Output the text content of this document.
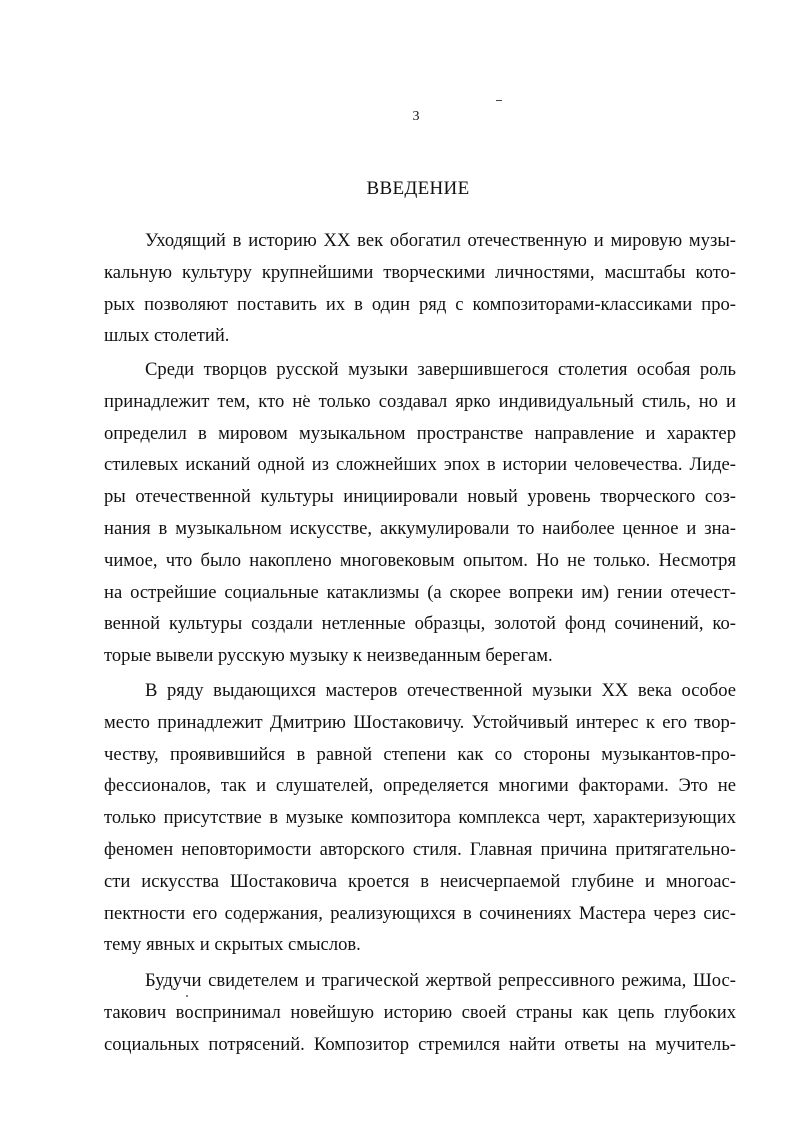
3
ВВЕДЕНИЕ
Уходящий в историю XX век обогатил отечественную и мировую музы-
кальную культуру крупнейшими творческими личностями, масштабы кото-
рых позволяют поставить их в один ряд с композиторами-классиками про-
шлых столетий.
Среди творцов русской музыки завершившегося столетия особая роль
принадлежит тем, кто не только создавал ярко индивидуальный стиль, но и
определил в мировом музыкальном пространстве направление и характер
стилевых исканий одной из сложнейших эпох в истории человечества. Лиде-
ры отечественной культуры инициировали новый уровень творческого соз-
нания в музыкальном искусстве, аккумулировали то наиболее ценное и зна-
чимое, что было накоплено многовековым опытом. Но не только. Несмотря
на острейшие социальные катаклизмы (а скорее вопреки им) гении отечест-
венной культуры создали нетленные образцы, золотой фонд сочинений, ко-
торые вывели русскую музыку к неизведанным берегам.
В ряду выдающихся мастеров отечественной музыки XX века особое
место принадлежит Дмитрию Шостаковичу. Устойчивый интерес к его твор-
честву, проявившийся в равной степени как со стороны музыкантов-про-
фессионалов, так и слушателей, определяется многими факторами. Это не
только присутствие в музыке композитора комплекса черт, характеризующих
феномен неповторимости авторского стиля. Главная причина притягательно-
сти искусства Шостаковича кроется в неисчерпаемой глубине и многоас-
пектности его содержания, реализующихся в сочинениях Мастера через сис-
тему явных и скрытых смыслов.
Будучи свидетелем и трагической жертвой репрессивного режима, Шос-
такович воспринимал новейшую историю своей страны как цепь глубоких
социальных потрясений. Композитор стремился найти ответы на мучитель-
